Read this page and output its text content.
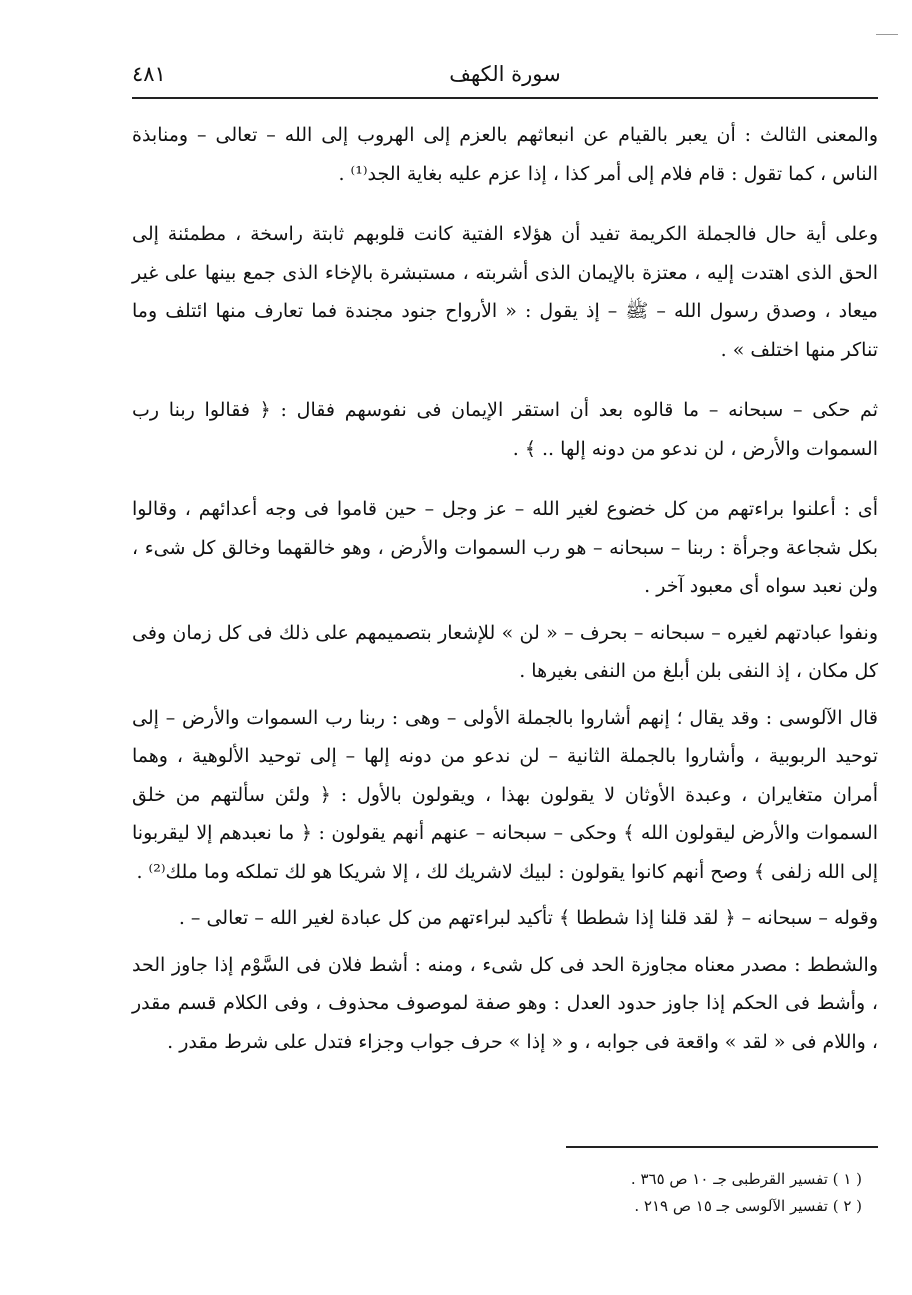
سورة الكهف
٤٨١

والمعنى الثالث : أن يعبر بالقيام عن انبعاثهم بالعزم إلى الهروب إلى الله – تعالى – ومنابذة الناس ، كما تقول : قام فلام إلى أمر كذا ، إذا عزم عليه بغاية الجد⁽¹⁾ .

وعلى أية حال فالجملة الكريمة تفيد أن هؤلاء الفتية كانت قلوبهم ثابتة راسخة ، مطمئنة إلى الحق الذى اهتدت إليه ، معتزة بالإيمان الذى أشربته ، مستبشرة بالإخاء الذى جمع بينها على غير ميعاد ، وصدق رسول الله – ﷺ – إذ يقول : « الأرواح جنود مجندة فما تعارف منها ائتلف وما تناكر منها اختلف » .

ثم حكى – سبحانه – ما قالوه بعد أن استقر الإيمان فى نفوسهم فقال : ﴿ فقالوا ربنا رب السموات والأرض ، لن ندعو من دونه إلها .. ﴾ .

أى : أعلنوا براءتهم من كل خضوع لغير الله – عز وجل – حين قاموا فى وجه أعدائهم ، وقالوا بكل شجاعة وجرأة : ربنا – سبحانه – هو رب السموات والأرض ، وهو خالقهما وخالق كل شىء ، ولن نعبد سواه أى معبود آخر .

ونفوا عبادتهم لغيره – سبحانه – بحرف – « لن » للإشعار بتصميمهم على ذلك فى كل زمان وفى كل مكان ، إذ النفى بلن أبلغ من النفى بغيرها .

قال الآلوسى : وقد يقال ؛ إنهم أشاروا بالجملة الأولى – وهى : ربنا رب السموات والأرض – إلى توحيد الربوبية ، وأشاروا بالجملة الثانية – لن ندعو من دونه إلها – إلى توحيد الألوهية ، وهما أمران متغايران ، وعبدة الأوثان لا يقولون بهذا ، ويقولون بالأول : ﴿ ولئن سألتهم من خلق السموات والأرض ليقولون الله ﴾ وحكى – سبحانه – عنهم أنهم يقولون : ﴿ ما نعبدهم إلا ليقربونا إلى الله زلفى ﴾ وصح أنهم كانوا يقولون : لبيك لاشريك لك ، إلا شريكا هو لك تملكه وما ملك⁽²⁾ .

وقوله – سبحانه – ﴿ لقد قلنا إذا شططا ﴾ تأكيد لبراءتهم من كل عبادة لغير الله – تعالى – .

والشطط : مصدر معناه مجاوزة الحد فى كل شىء ، ومنه : أشط فلان فى السَّوْم إذا جاوز الحد ، وأشط فى الحكم إذا جاوز حدود العدل : وهو صفة لموصوف محذوف ، وفى الكلام قسم مقدر ، واللام فى « لقد » واقعة فى جوابه ، و « إذا » حرف جواب وجزاء فتدل على شرط مقدر .

( ١ ) تفسير القرطبى جـ ١٠ ص ٣٦٥ .

( ٢ ) تفسير الآلوسى جـ ١٥ ص ٢١٩ .
